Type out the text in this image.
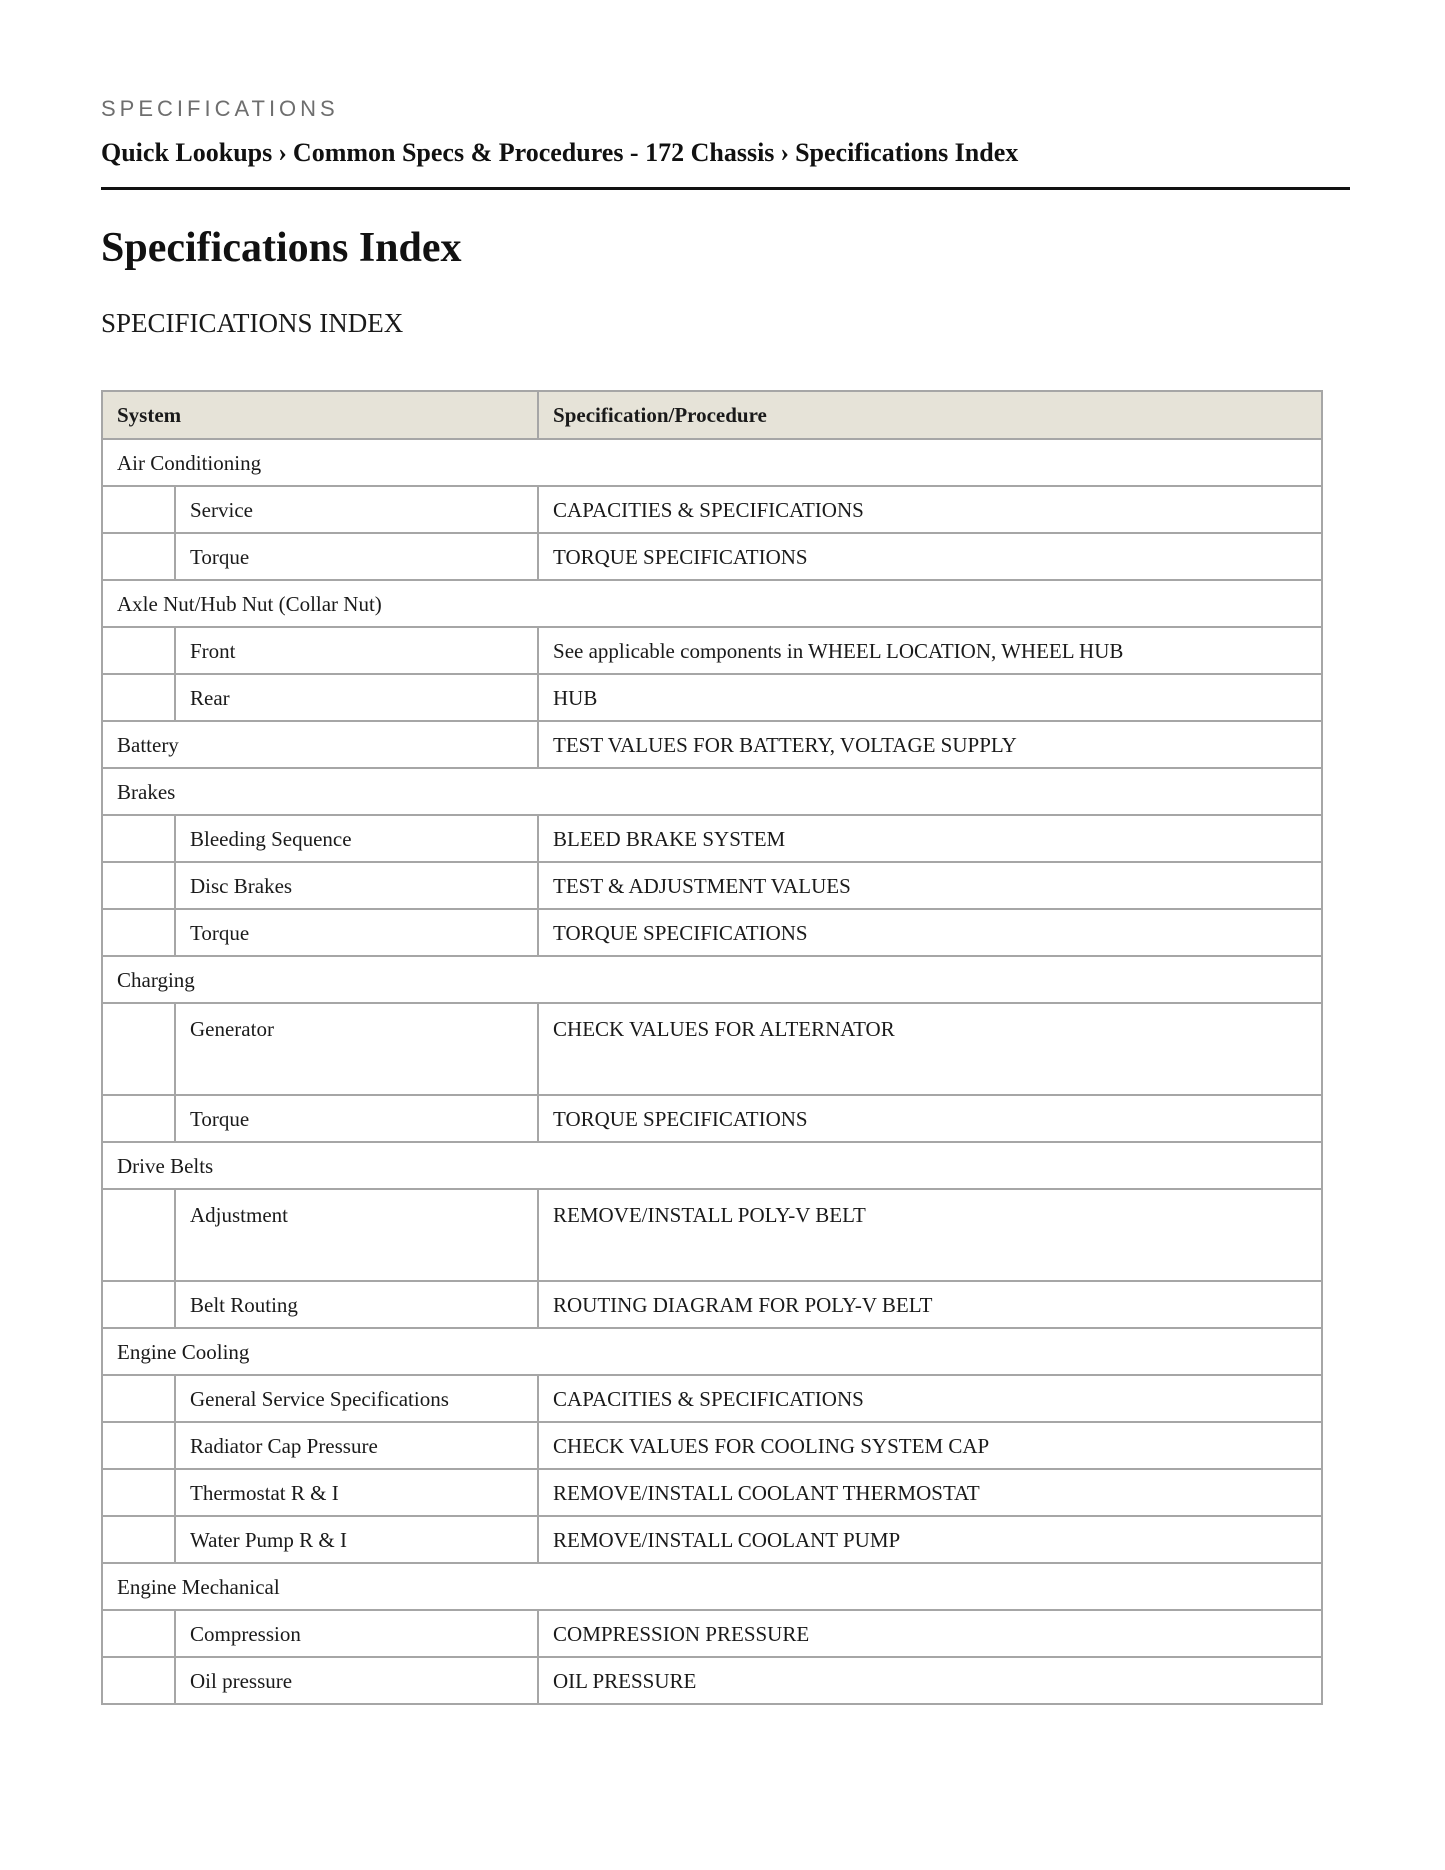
SPECIFICATIONS
Quick Lookups › Common Specs & Procedures - 172 Chassis › Specifications Index
Specifications Index
SPECIFICATIONS INDEX
System		Specification/Procedure
Air Conditioning		
	Service	CAPACITIES & SPECIFICATIONS
	Torque	TORQUE SPECIFICATIONS
Axle Nut/Hub Nut (Collar Nut)		
	Front	See applicable components in WHEEL LOCATION, WHEEL HUB
	Rear	HUB
Battery		TEST VALUES FOR BATTERY, VOLTAGE SUPPLY
Brakes		
	Bleeding Sequence	BLEED BRAKE SYSTEM
	Disc Brakes	TEST & ADJUSTMENT VALUES
	Torque	TORQUE SPECIFICATIONS
Charging		
	Generator	CHECK VALUES FOR ALTERNATOR
	Torque	TORQUE SPECIFICATIONS
Drive Belts		
	Adjustment	REMOVE/INSTALL POLY-V BELT
	Belt Routing	ROUTING DIAGRAM FOR POLY-V BELT
Engine Cooling		
	General Service Specifications	CAPACITIES & SPECIFICATIONS
	Radiator Cap Pressure	CHECK VALUES FOR COOLING SYSTEM CAP
	Thermostat R & I	REMOVE/INSTALL COOLANT THERMOSTAT
	Water Pump R & I	REMOVE/INSTALL COOLANT PUMP
Engine Mechanical		
	Compression	COMPRESSION PRESSURE
	Oil pressure	OIL PRESSURE
